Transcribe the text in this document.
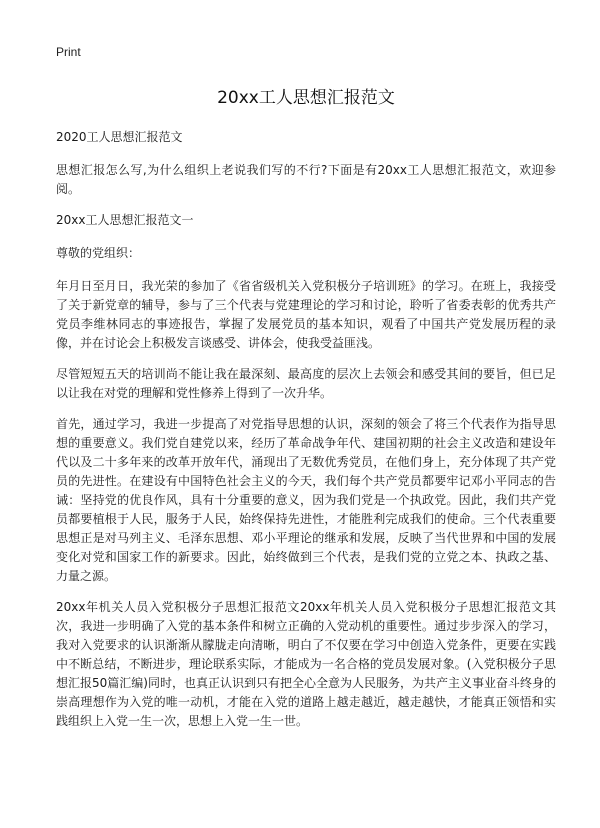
Print
20xx工人思想汇报范文

2020工人思想汇报范文

思想汇报怎么写,为什么组织上老说我们写的不行?下面是有20xx工人思想汇报范文，欢迎参阅。

20xx工人思想汇报范文一

尊敬的党组织：

年月日至月日，我光荣的参加了《省省级机关入党积极分子培训班》的学习。在班上，我接受了关于新党章的辅导，参与了三个代表与党建理论的学习和讨论，聆听了省委表彰的优秀共产党员李维林同志的事迹报告，掌握了发展党员的基本知识，观看了中国共产党发展历程的录像，并在讨论会上积极发言谈感受、讲体会，使我受益匪浅。

尽管短短五天的培训尚不能让我在最深刻、最高度的层次上去领会和感受其间的要旨，但已足以让我在对党的理解和党性修养上得到了一次升华。

首先，通过学习，我进一步提高了对党指导思想的认识，深刻的领会了将三个代表作为指导思想的重要意义。我们党自建党以来，经历了革命战争年代、建国初期的社会主义改造和建设年代以及二十多年来的改革开放年代，涌现出了无数优秀党员，在他们身上，充分体现了共产党员的先进性。在建设有中国特色社会主义的今天，我们每个共产党员都要牢记邓小平同志的告诫：坚持党的优良作风，具有十分重要的意义，因为我们党是一个执政党。因此，我们共产党员都要植根于人民，服务于人民，始终保持先进性，才能胜利完成我们的使命。三个代表重要思想正是对马列主义、毛泽东思想、邓小平理论的继承和发展，反映了当代世界和中国的发展变化对党和国家工作的新要求。因此，始终做到三个代表，是我们党的立党之本、执政之基、力量之源。

20xx年机关人员入党积极分子思想汇报范文20xx年机关人员入党积极分子思想汇报范文其次，我进一步明确了入党的基本条件和树立正确的入党动机的重要性。通过步步深入的学习，我对入党要求的认识渐渐从朦胧走向清晰，明白了不仅要在学习中创造入党条件，更要在实践中不断总结，不断进步，理论联系实际，才能成为一名合格的党员发展对象。(入党积极分子思想汇报50篇汇编)同时，也真正认识到只有把全心全意为人民服务，为共产主义事业奋斗终身的崇高理想作为入党的唯一动机，才能在入党的道路上越走越近，越走越快，才能真正领悟和实践组织上入党一生一次，思想上入党一生一世。
